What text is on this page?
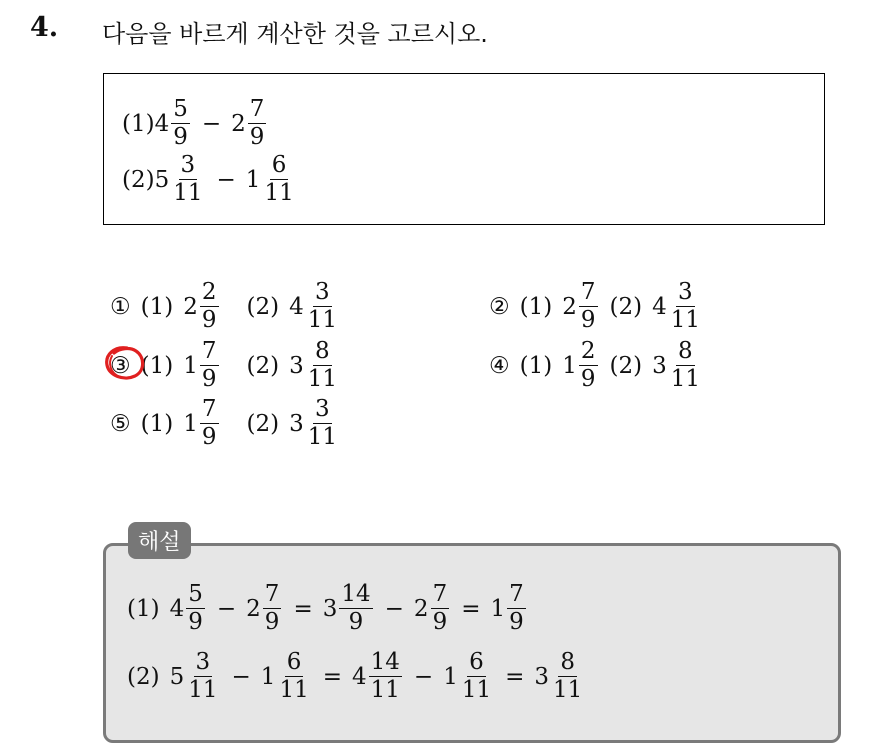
4. 다음을 바르게 계산한 것을 고르시오.
(1) $4 \frac{5}{9} - 2 \frac{7}{9}$
(2) $5 \frac{3}{11} - 1 \frac{6}{11}$
① (1) $2 \frac{2}{9} (2)$ $4 \frac{3}{11}$	② (1) $2 \frac{7}{9} (2)$ $4 \frac{3}{11}$
③ (1) $1 \frac{7}{9} (2)$ $3 \frac{8}{11}$	④ (1) $1 \frac{2}{9} (2)$ $3 \frac{8}{11}$
⑤ (1) $1 \frac{7}{9} (2)$ $3 \frac{3}{11}$
해설
(1) $4 \frac{5}{9} - 2 \frac{7}{9} = 3 \frac{14}{9} - 2 \frac{7}{9} = 1 \frac{7}{9}$
(2) $5 \frac{3}{11} - 1 \frac{6}{11} = 4 \frac{14}{11} - 1 \frac{6}{11} = 3 \frac{8}{11}$
